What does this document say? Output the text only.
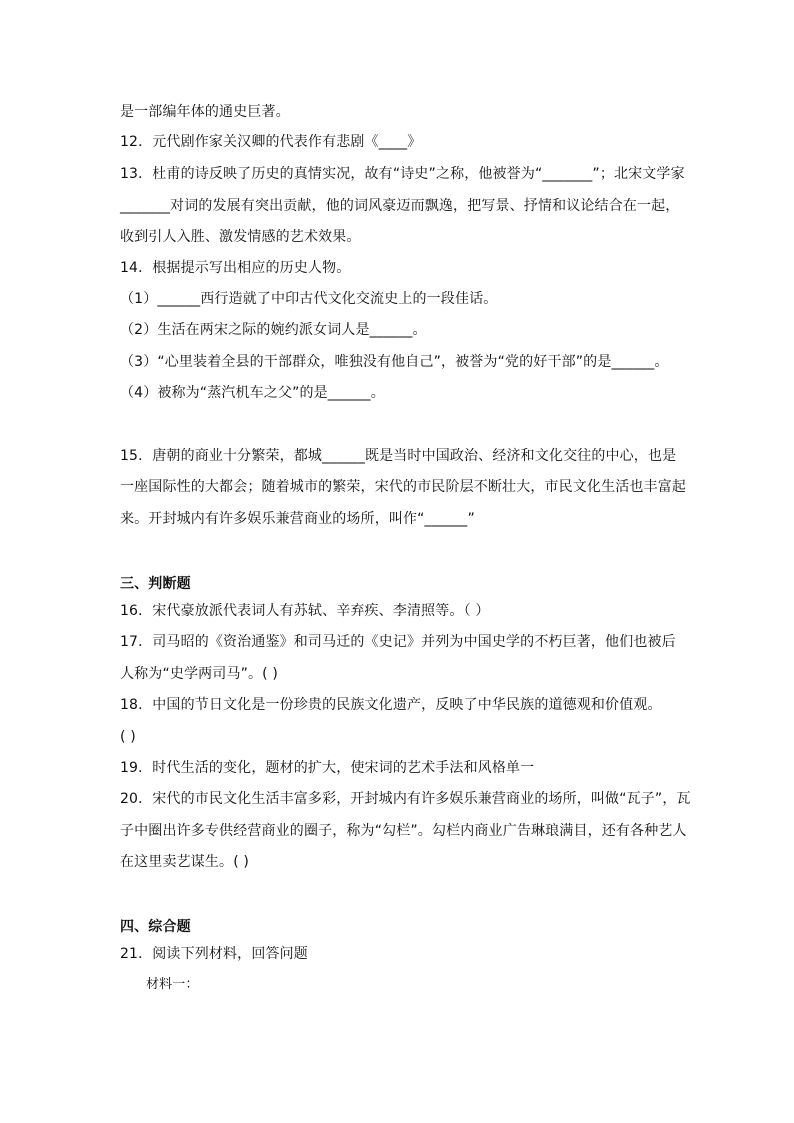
是一部编年体的通史巨著。
12．元代剧作家关汉卿的代表作有悲剧《____》
13．杜甫的诗反映了历史的真情实况，故有“诗史”之称，他被誉为“_______”；北宋文学家
_______对词的发展有突出贡献，他的词风豪迈而飘逸，把写景、抒情和议论结合在一起，
收到引人入胜、激发情感的艺术效果。
14．根据提示写出相应的历史人物。
（1）______西行造就了中印古代文化交流史上的一段佳话。
（2）生活在两宋之际的婉约派女词人是______。
（3）“心里装着全县的干部群众，唯独没有他自己”，被誉为“党的好干部”的是______。
（4）被称为“蒸汽机车之父”的是______。
15．唐朝的商业十分繁荣，都城______既是当时中国政治、经济和文化交往的中心，也是
一座国际性的大都会；随着城市的繁荣，宋代的市民阶层不断壮大，市民文化生活也丰富起
来。开封城内有许多娱乐兼营商业的场所，叫作“______”
三、判断题
16．宋代豪放派代表词人有苏轼、辛弃疾、李清照等。（ ）
17．司马昭的《资治通鉴》和司马迁的《史记》并列为中国史学的不朽巨著，他们也被后
人称为“史学两司马”。( )
18．中国的节日文化是一份珍贵的民族文化遗产，反映了中华民族的道德观和价值观。
( )
19．时代生活的变化，题材的扩大，使宋词的艺术手法和风格单一
20．宋代的市民文化生活丰富多彩，开封城内有许多娱乐兼营商业的场所，叫做“瓦子”，瓦
子中圈出许多专供经营商业的圈子，称为“勾栏”。勾栏内商业广告琳琅满目，还有各种艺人
在这里卖艺谋生。( )
四、综合题
21．阅读下列材料，回答问题
材料一：
